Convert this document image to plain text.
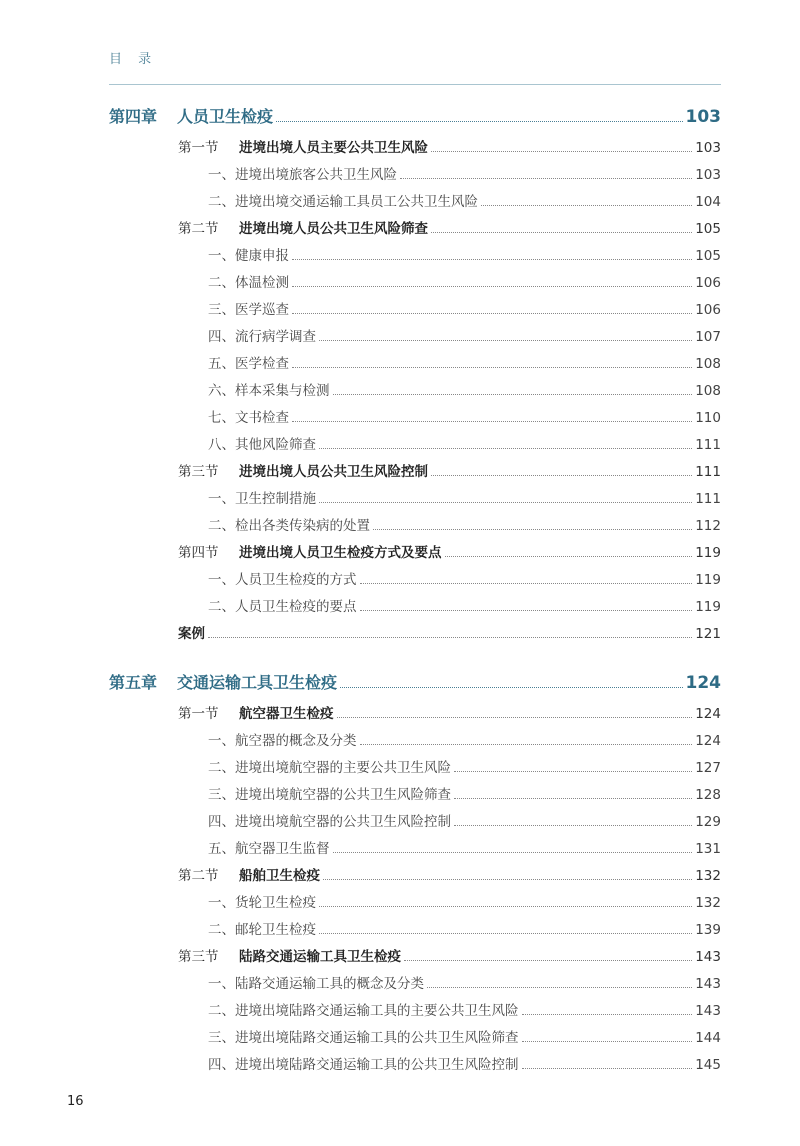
目 录
第四章	人员卫生检疫	103
第一节	进境出境人员主要公共卫生风险	103
一、进境出境旅客公共卫生风险	103
二、进境出境交通运输工具员工公共卫生风险	104
第二节	进境出境人员公共卫生风险筛查	105
一、健康申报	105
二、体温检测	106
三、医学巡查	106
四、流行病学调查	107
五、医学检查	108
六、样本采集与检测	108
七、文书检查	110
八、其他风险筛查	111
第三节	进境出境人员公共卫生风险控制	111
一、卫生控制措施	111
二、检出各类传染病的处置	112
第四节	进境出境人员卫生检疫方式及要点	119
一、人员卫生检疫的方式	119
二、人员卫生检疫的要点	119
案例	121
第五章	交通运输工具卫生检疫	124
第一节	航空器卫生检疫	124
一、航空器的概念及分类	124
二、进境出境航空器的主要公共卫生风险	127
三、进境出境航空器的公共卫生风险筛查	128
四、进境出境航空器的公共卫生风险控制	129
五、航空器卫生监督	131
第二节	船舶卫生检疫	132
一、货轮卫生检疫	132
二、邮轮卫生检疫	139
第三节	陆路交通运输工具卫生检疫	143
一、陆路交通运输工具的概念及分类	143
二、进境出境陆路交通运输工具的主要公共卫生风险	143
三、进境出境陆路交通运输工具的公共卫生风险筛查	144
四、进境出境陆路交通运输工具的公共卫生风险控制	145
16
